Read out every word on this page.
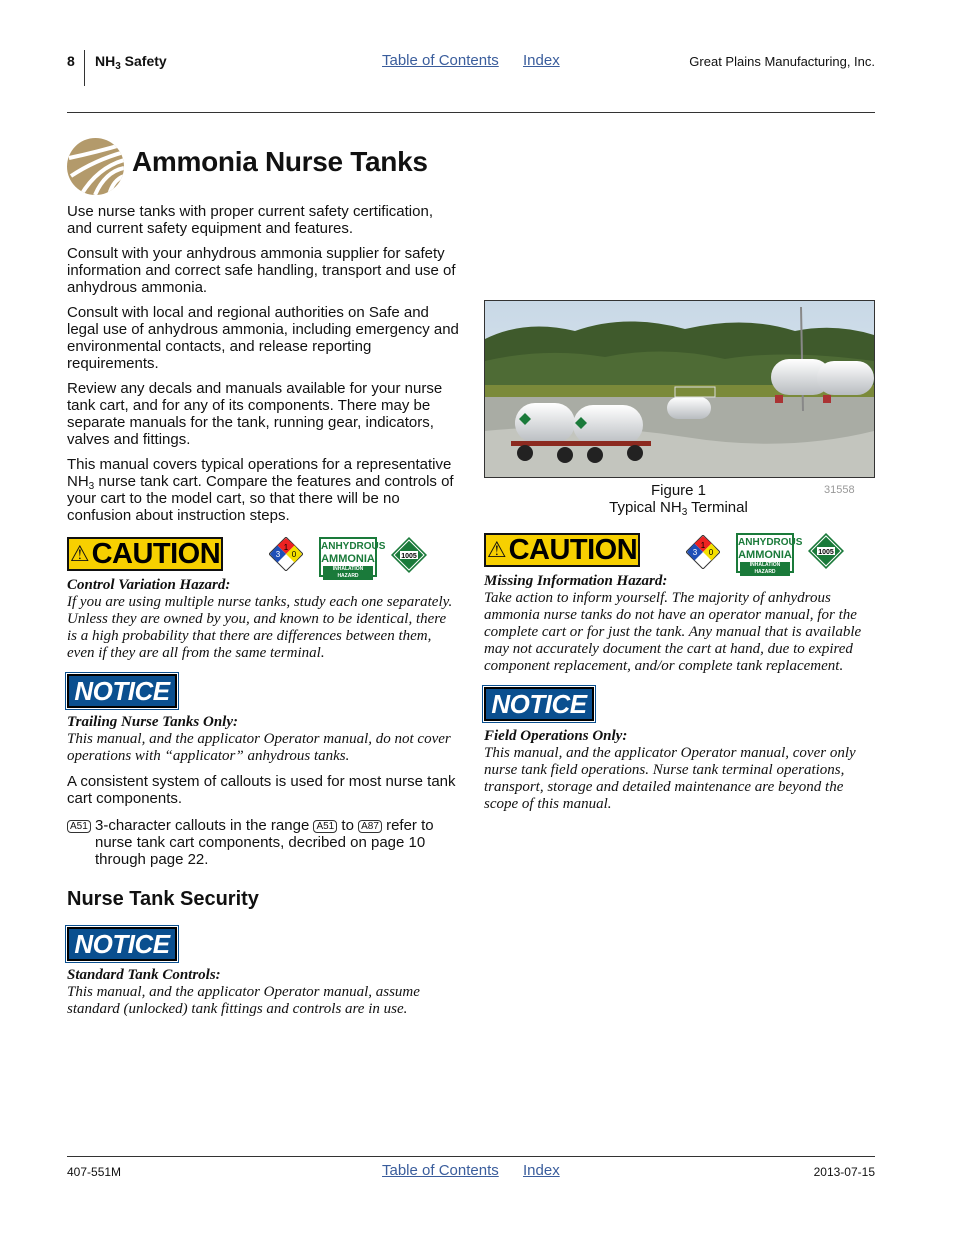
8 $NH_3$ Safety	Table of Contents Index	Great Plains Manufacturing, Inc.
Ammonia Nurse Tanks

Use nurse tanks with proper current safety certification, and current safety equipment and features.

Consult with your anhydrous ammonia supplier for safety information and correct safe handling, transport and use of anhydrous ammonia.

Consult with local and regional authorities on Safe and legal use of anhydrous ammonia, including emergency and environmental contacts, and release reporting requirements.

Review any decals and manuals available for your nurse tank cart, and for any of its components. There may be separate manuals for the tank, running gear, indicators, valves and fittings.

This manual covers typical operations for a representative $NH_3$ nurse tank cart. Compare the features and controls of your cart to the model cart, so that there will be no confusion about instruction steps.

⚠ CAUTION	1
3 0
ANHYDROUS
AMMONIA
INHALATION HAZARD
1005
Control Variation Hazard:
If you are using multiple nurse tanks, study each one separately. Unless they are owned by you, and known to be identical, there is a high probability that there are differences between them, even if they are all from the same terminal.
NOTICE
Trailing Nurse Tanks Only:
This manual, and the applicator Operator manual, do not cover operations with “applicator” anhydrous tanks.
A consistent system of callouts is used for most nurse tank cart components.
A51 3-character callouts in the range A51 to A87 refer to nurse tank cart components, decribed on page 10 through page 22.
Nurse Tank Security
NOTICE
Standard Tank Controls:
This manual, and the applicator Operator manual, assume standard (unlocked) tank fittings and controls are in use.
Figure 1
Typical $NH_3$ Terminal
31558
⚠ CAUTION	1
3 0
ANHYDROUS
AMMONIA
INHALATION HAZARD
1005
Missing Information Hazard:
Take action to inform yourself. The majority of anhydrous ammonia nurse tanks do not have an operator manual, for the complete cart or for just the tank. Any manual that is available may not accurately document the cart at hand, due to expired component replacement, and/or complete tank replacement.
NOTICE
Field Operations Only:
This manual, and the applicator Operator manual, cover only nurse tank field operations. Nurse tank terminal operations, transport, storage and detailed maintenance are beyond the scope of this manual.
407-551M	Table of Contents Index	2013-07-15
